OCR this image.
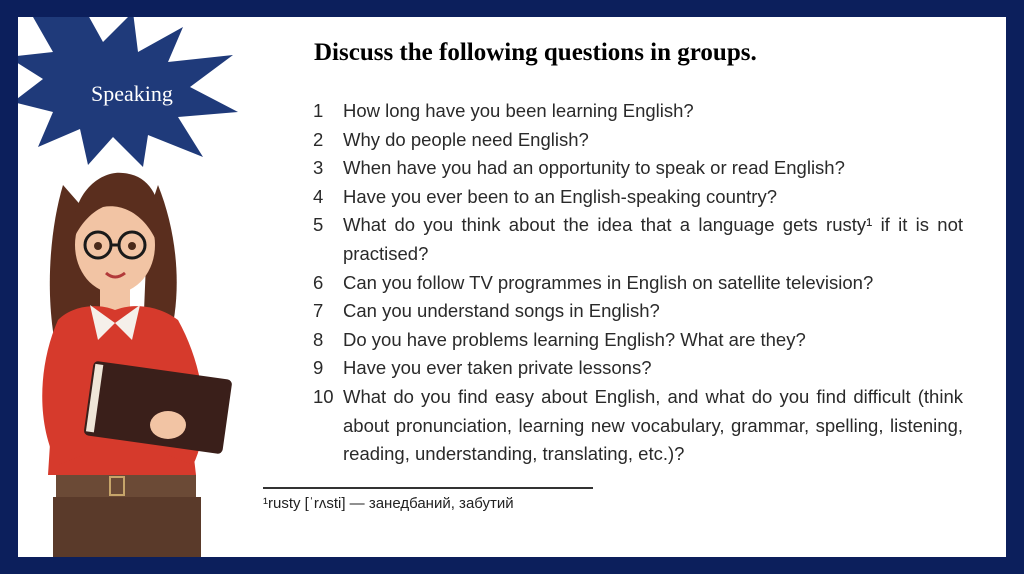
Speaking
Discuss the following questions in groups.
1	How long have you been learning English?
2	Why do people need English?
3	When have you had an opportunity to speak or read English?
4	Have you ever been to an English-speaking country?
5	What do you think about the idea that a language gets rusty¹ if it is not practised?
6	Can you follow TV programmes in English on satellite television?
7	Can you understand songs in English?
8	Do you have problems learning English? What are they?
9	Have you ever taken private lessons?
10 What do you find easy about English, and what do you find difficult (think about pronunciation, learning new vocabulary, grammar, spelling, listening, reading, understanding, translating, etc.)?
¹rusty [ˈrʌsti] — занедбаний, забутий
